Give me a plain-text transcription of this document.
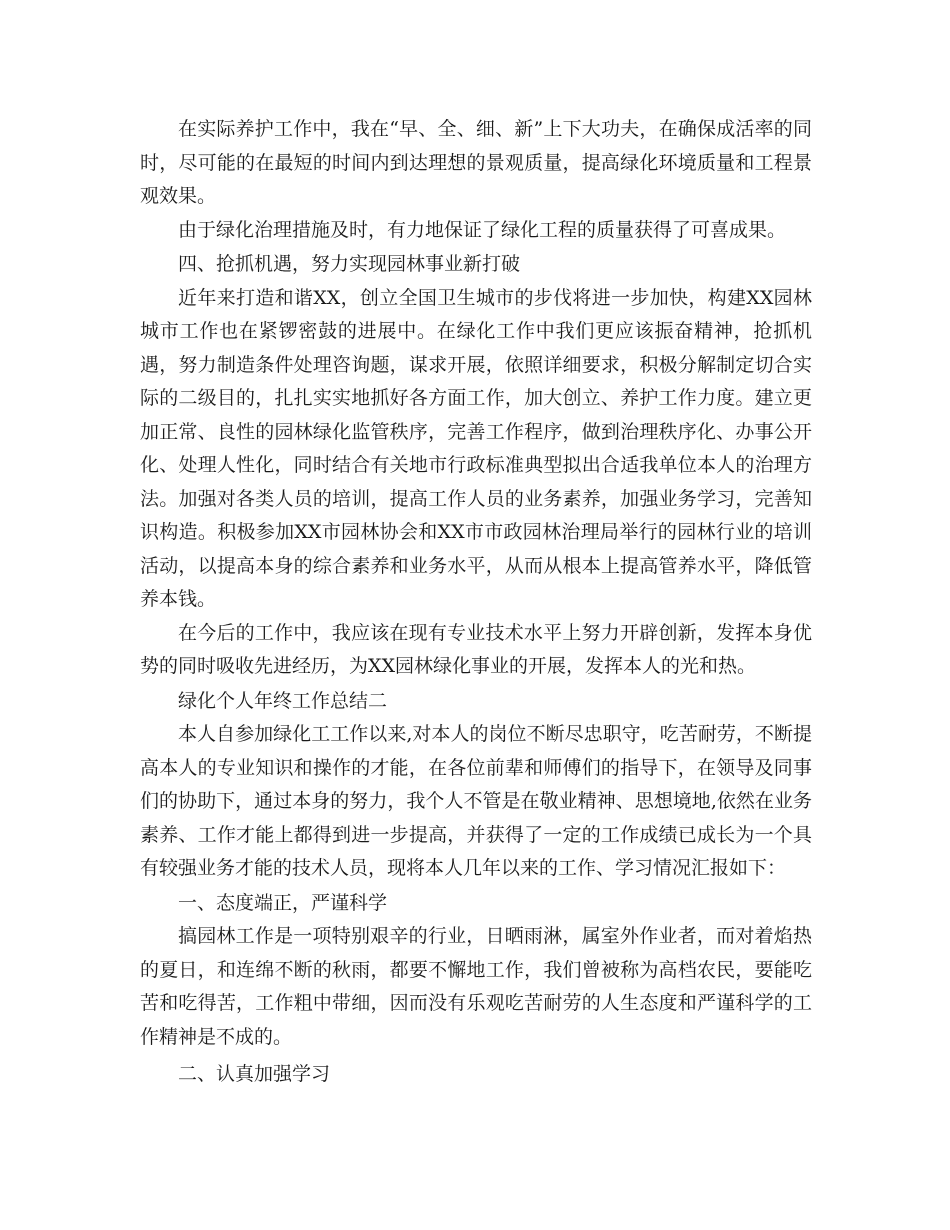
在实际养护工作中，我在“早、全、细、新”上下大功夫，在确保成活率的同时，尽可能的在最短的时间内到达理想的景观质量，提高绿化环境质量和工程景观效果。

由于绿化治理措施及时，有力地保证了绿化工程的质量获得了可喜成果。

四、抢抓机遇，努力实现园林事业新打破

近年来打造和谐XX，创立全国卫生城市的步伐将进一步加快，构建XX园林城市工作也在紧锣密鼓的进展中。在绿化工作中我们更应该振奋精神，抢抓机遇，努力制造条件处理咨询题，谋求开展，依照详细要求，积极分解制定切合实际的二级目的，扎扎实实地抓好各方面工作，加大创立、养护工作力度。建立更加正常、良性的园林绿化监管秩序，完善工作程序，做到治理秩序化、办事公开化、处理人性化，同时结合有关地市行政标准典型拟出合适我单位本人的治理方法。加强对各类人员的培训，提高工作人员的业务素养，加强业务学习，完善知识构造。积极参加XX市园林协会和XX市市政园林治理局举行的园林行业的培训活动，以提高本身的综合素养和业务水平，从而从根本上提高管养水平，降低管养本钱。

在今后的工作中，我应该在现有专业技术水平上努力开辟创新，发挥本身优势的同时吸收先进经历，为XX园林绿化事业的开展，发挥本人的光和热。

绿化个人年终工作总结二

本人自参加绿化工工作以来,对本人的岗位不断尽忠职守，吃苦耐劳，不断提高本人的专业知识和操作的才能，在各位前辈和师傅们的指导下，在领导及同事们的协助下，通过本身的努力，我个人不管是在敬业精神、思想境地,依然在业务素养、工作才能上都得到进一步提高，并获得了一定的工作成绩已成长为一个具有较强业务才能的技术人员，现将本人几年以来的工作、学习情况汇报如下：

一、态度端正，严谨科学

搞园林工作是一项特别艰辛的行业，日晒雨淋，属室外作业者，而对着焰热的夏日，和连绵不断的秋雨，都要不懈地工作，我们曾被称为高档农民，要能吃苦和吃得苦，工作粗中带细，因而没有乐观吃苦耐劳的人生态度和严谨科学的工作精神是不成的。

二、认真加强学习
